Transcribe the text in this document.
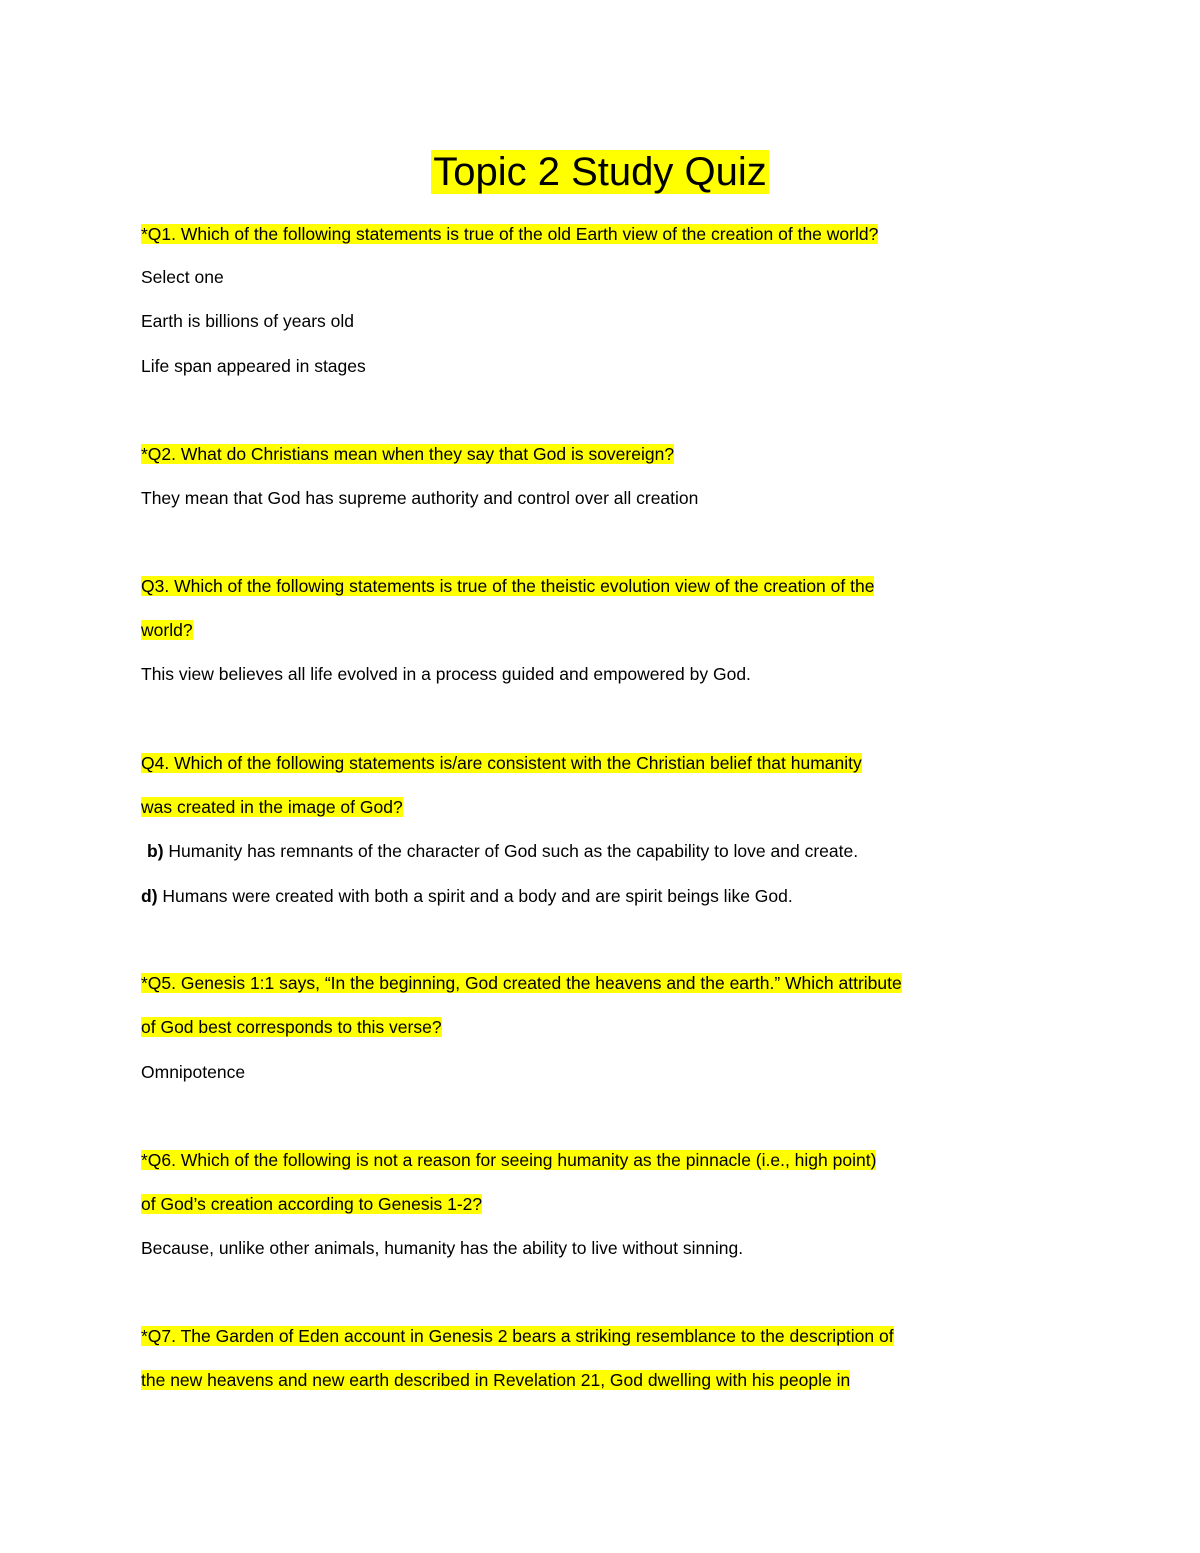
Topic 2 Study Quiz
*Q1. Which of the following statements is true of the old Earth view of the creation of the world?
Select one
Earth is billions of years old
Life span appeared in stages
*Q2. What do Christians mean when they say that God is sovereign?
They mean that God has supreme authority and control over all creation
Q3. Which of the following statements is true of the theistic evolution view of the creation of the
world?
This view believes all life evolved in a process guided and empowered by God.
Q4. Which of the following statements is/are consistent with the Christian belief that humanity
was created in the image of God?
b) Humanity has remnants of the character of God such as the capability to love and create.
d) Humans were created with both a spirit and a body and are spirit beings like God.
*Q5. Genesis 1:1 says, “In the beginning, God created the heavens and the earth.” Which attribute
of God best corresponds to this verse?
Omnipotence
*Q6. Which of the following is not a reason for seeing humanity as the pinnacle (i.e., high point)
of God’s creation according to Genesis 1-2?
Because, unlike other animals, humanity has the ability to live without sinning.
*Q7. The Garden of Eden account in Genesis 2 bears a striking resemblance to the description of
the new heavens and new earth described in Revelation 21, God dwelling with his people in
